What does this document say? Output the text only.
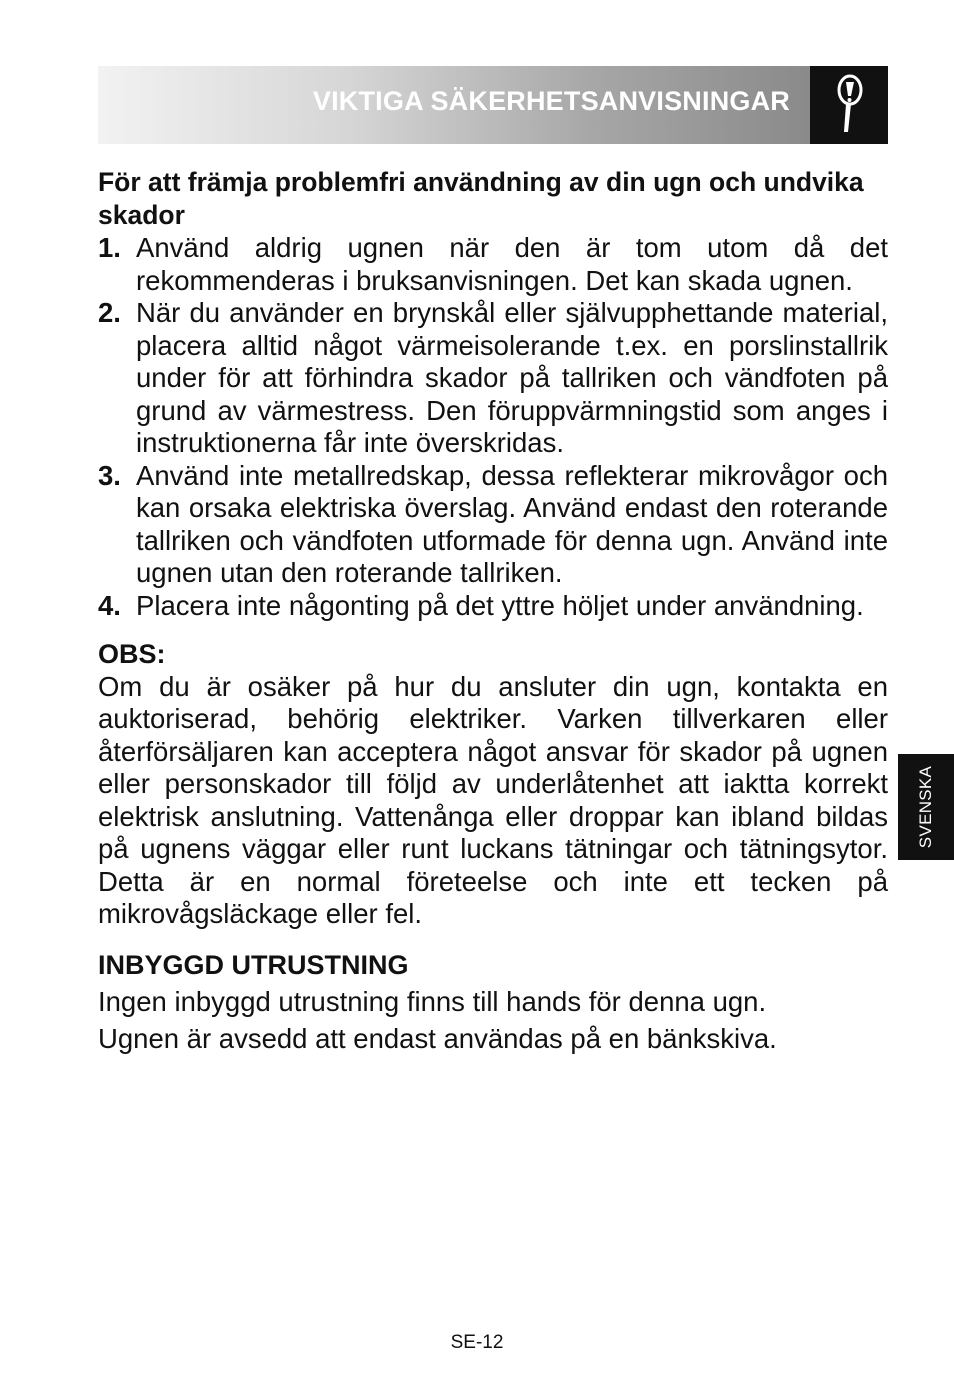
VIKTIGA SÄKERHETSANVISNINGAR
För att främja problemfri användning av din ugn och undvika skador
1. Använd aldrig ugnen när den är tom utom då det rekommenderas i bruksanvisningen. Det kan skada ugnen.
2. När du använder en brynskål eller självupphettande material, placera alltid något värmeisolerande t.ex. en porslinstallrik under för att förhindra skador på tallriken och vändfoten på grund av värmestress. Den föruppvärmningstid som anges i instruktionerna får inte överskridas.
3. Använd inte metallredskap, dessa reflekterar mikrovågor och kan orsaka elektriska överslag. Använd endast den roterande tallriken och vändfoten utformade för denna ugn. Använd inte ugnen utan den roterande tallriken.
4. Placera inte någonting på det yttre höljet under användning.
OBS:

Om du är osäker på hur du ansluter din ugn, kontakta en auktoriserad, behörig elektriker. Varken tillverkaren eller återförsäljaren kan acceptera något ansvar för skador på ugnen eller personskador till följd av underlåtenhet att iaktta korrekt elektrisk anslutning. Vattenånga eller droppar kan ibland bildas på ugnens väggar eller runt luckans tätningar och tätningsytor. Detta är en normal företeelse och inte ett tecken på mikrovågsläckage eller fel.

INBYGGD UTRUSTNING

Ingen inbyggd utrustning finns till hands för denna ugn.

Ugnen är avsedd att endast användas på en bänkskiva.

SVENSKA
SE-12
